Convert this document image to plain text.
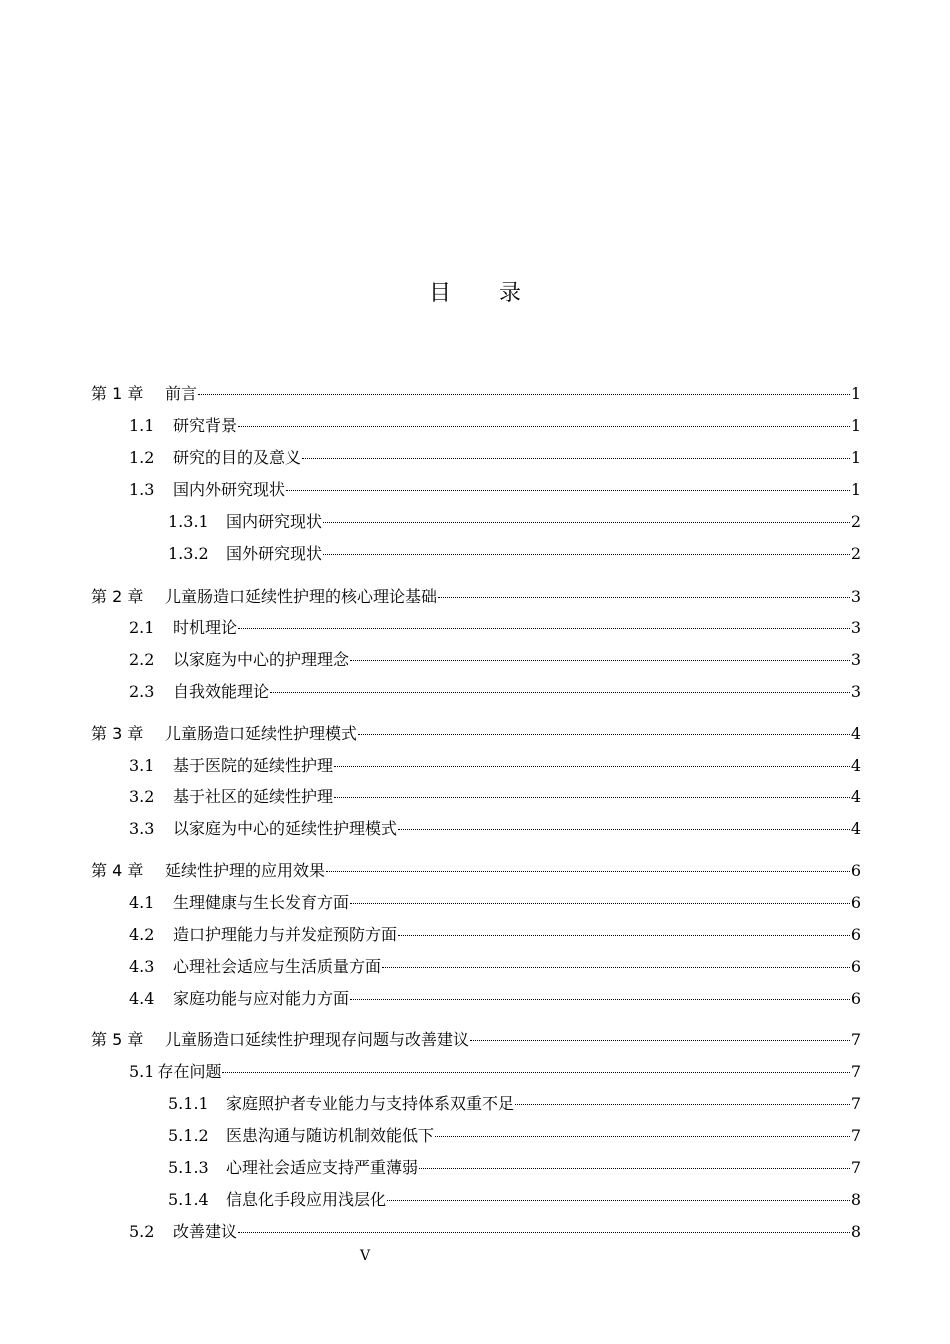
目 录
第 1 章	前言	1
1.1	研究背景	1
1.2	研究的目的及意义	1
1.3	国内外研究现状	1
1.3.1	国内研究现状	2
1.3.2	国外研究现状	2
第 2 章	儿童肠造口延续性护理的核心理论基础	3
2.1	时机理论	3
2.2	以家庭为中心的护理理念	3
2.3	自我效能理论	3
第 3 章	儿童肠造口延续性护理模式	4
3.1	基于医院的延续性护理	4
3.2	基于社区的延续性护理	4
3.3	以家庭为中心的延续性护理模式	4
第 4 章	延续性护理的应用效果	6
4.1	生理健康与生长发育方面	6
4.2	造口护理能力与并发症预防方面	6
4.3	心理社会适应与生活质量方面	6
4.4	家庭功能与应对能力方面	6
第 5 章	儿童肠造口延续性护理现存问题与改善建议	7
5.1 存在问题	7
5.1.1	家庭照护者专业能力与支持体系双重不足	7
5.1.2	医患沟通与随访机制效能低下	7
5.1.3	心理社会适应支持严重薄弱	7
5.1.4	信息化手段应用浅层化	8
5.2	改善建议	8
V
